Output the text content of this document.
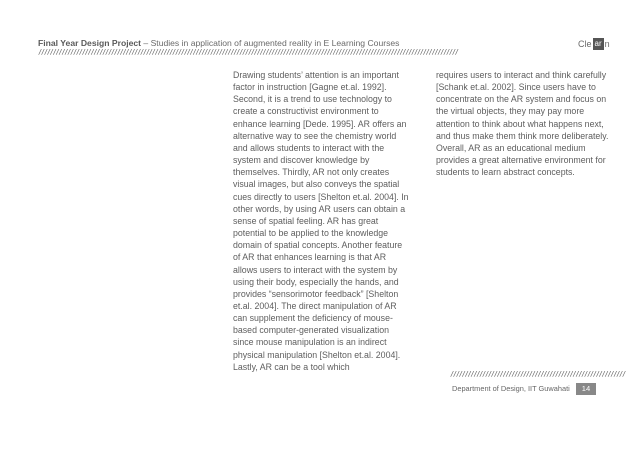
Final Year Design Project – Studies in application of augmented reality in E Learning Courses
////////////////////////////////////////////////////////////////////////////////////////////////////////////////////////////////////////////////
Cle ar n

Drawing students’ attention is an important factor in instruction [Gagne et.al. 1992]. Second, it is a trend to use technology to create a constructivist environment to enhance learning [Dede. 1995]. AR offers an alternative way to see the chemistry world and allows students to interact with the system and discover knowledge by themselves. Thirdly, AR not only creates visual images, but also conveys the spatial cues directly to users [Shelton et.al. 2004]. In other words, by using AR users can obtain a sense of spatial feeling. AR has great potential to be applied to the knowledge domain of spatial concepts. Another feature of AR that enhances learning is that AR allows users to interact with the system by using their body, especially the hands, and provides “sensorimotor feedback” [Shelton et.al. 2004]. The direct manipulation of AR can supplement the deficiency of mouse-based computer-generated visualization since mouse manipulation is an indirect physical manipulation [Shelton et.al. 2004]. Lastly, AR can be a tool which

requires users to interact and think carefully [Schank et.al. 2002]. Since users have to concentrate on the AR system and focus on the virtual objects, they may pay more attention to think about what happens next, and thus make them think more deliberately. Overall, AR as an educational medium provides a great alternative environment for students to learn abstract concepts.

////////////////////////////////////////////////////////////
Department of Design, IIT Guwahati	14
